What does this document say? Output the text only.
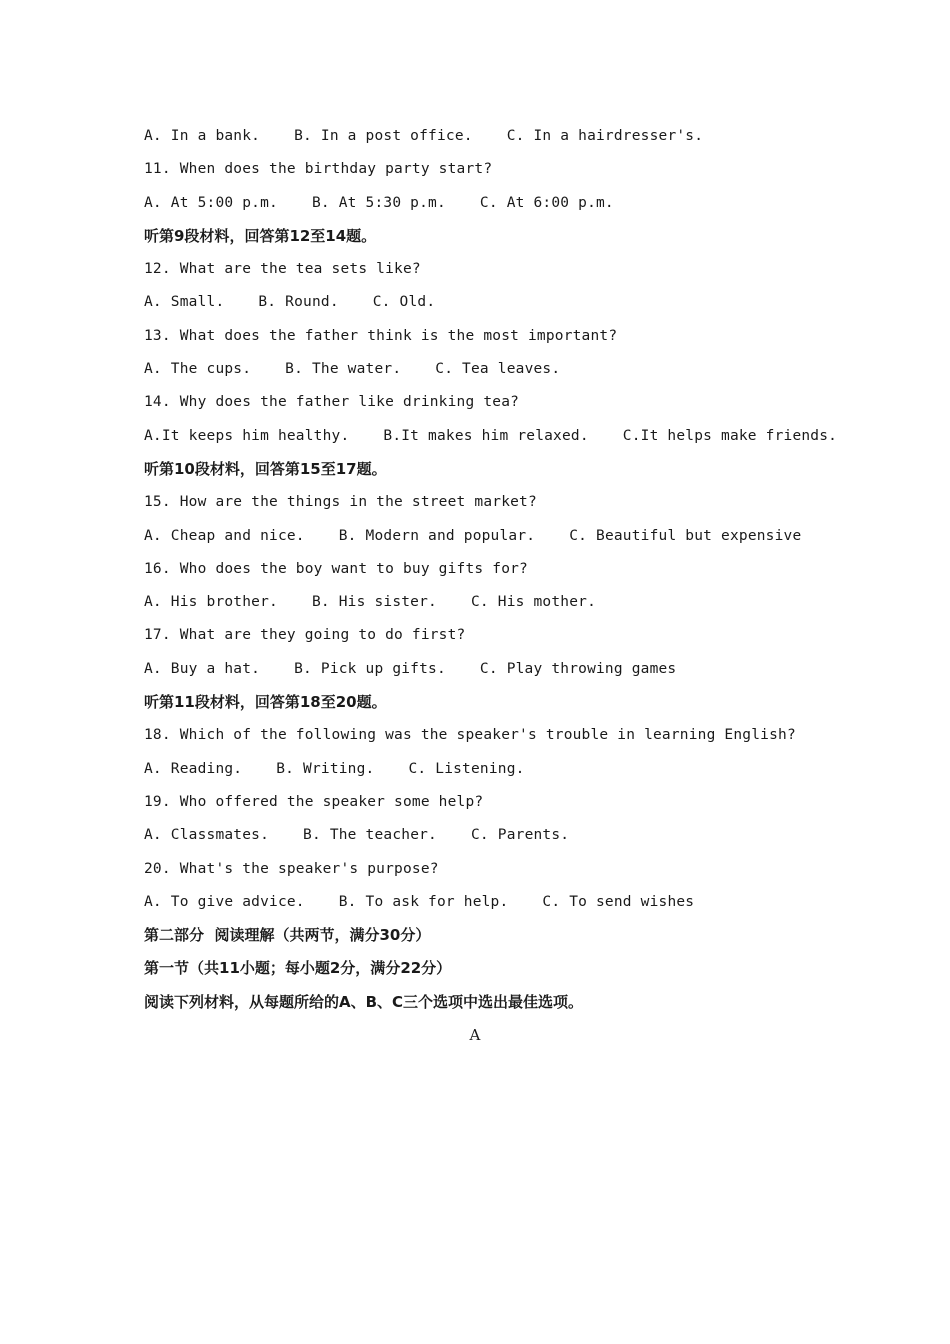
A. In a bank. B. In a post office. C. In a hairdresser's.
11. When does the birthday party start?
A. At 5:00 p.m. B. At 5:30 p.m. C. At 6:00 p.m.
听第9段材料，回答第12至14题。
12. What are the tea sets like?
A. Small. B. Round. C. Old.
13. What does the father think is the most important?
A. The cups. B. The water. C. Tea leaves.
14. Why does the father like drinking tea?
A.It keeps him healthy. B.It makes him relaxed. C.It helps make friends.
听第10段材料，回答第15至17题。
15. How are the things in the street market?
A. Cheap and nice. B. Modern and popular. C. Beautiful but expensive
16. Who does the boy want to buy gifts for?
A. His brother. B. His sister. C. His mother.
17. What are they going to do first?
A. Buy a hat. B. Pick up gifts. C. Play throwing games
听第11段材料，回答第18至20题。
18. Which of the following was the speaker's trouble in learning English?
A. Reading. B. Writing. C. Listening.
19. Who offered the speaker some help?
A. Classmates. B. The teacher. C. Parents.
20. What's the speaker's purpose?
A. To give advice. B. To ask for help. C. To send wishes
第二部分  阅读理解（共两节，满分30分）
第一节（共11小题；每小题2分，满分22分）
阅读下列材料，从每题所给的A、B、C三个选项中选出最佳选项。
A
